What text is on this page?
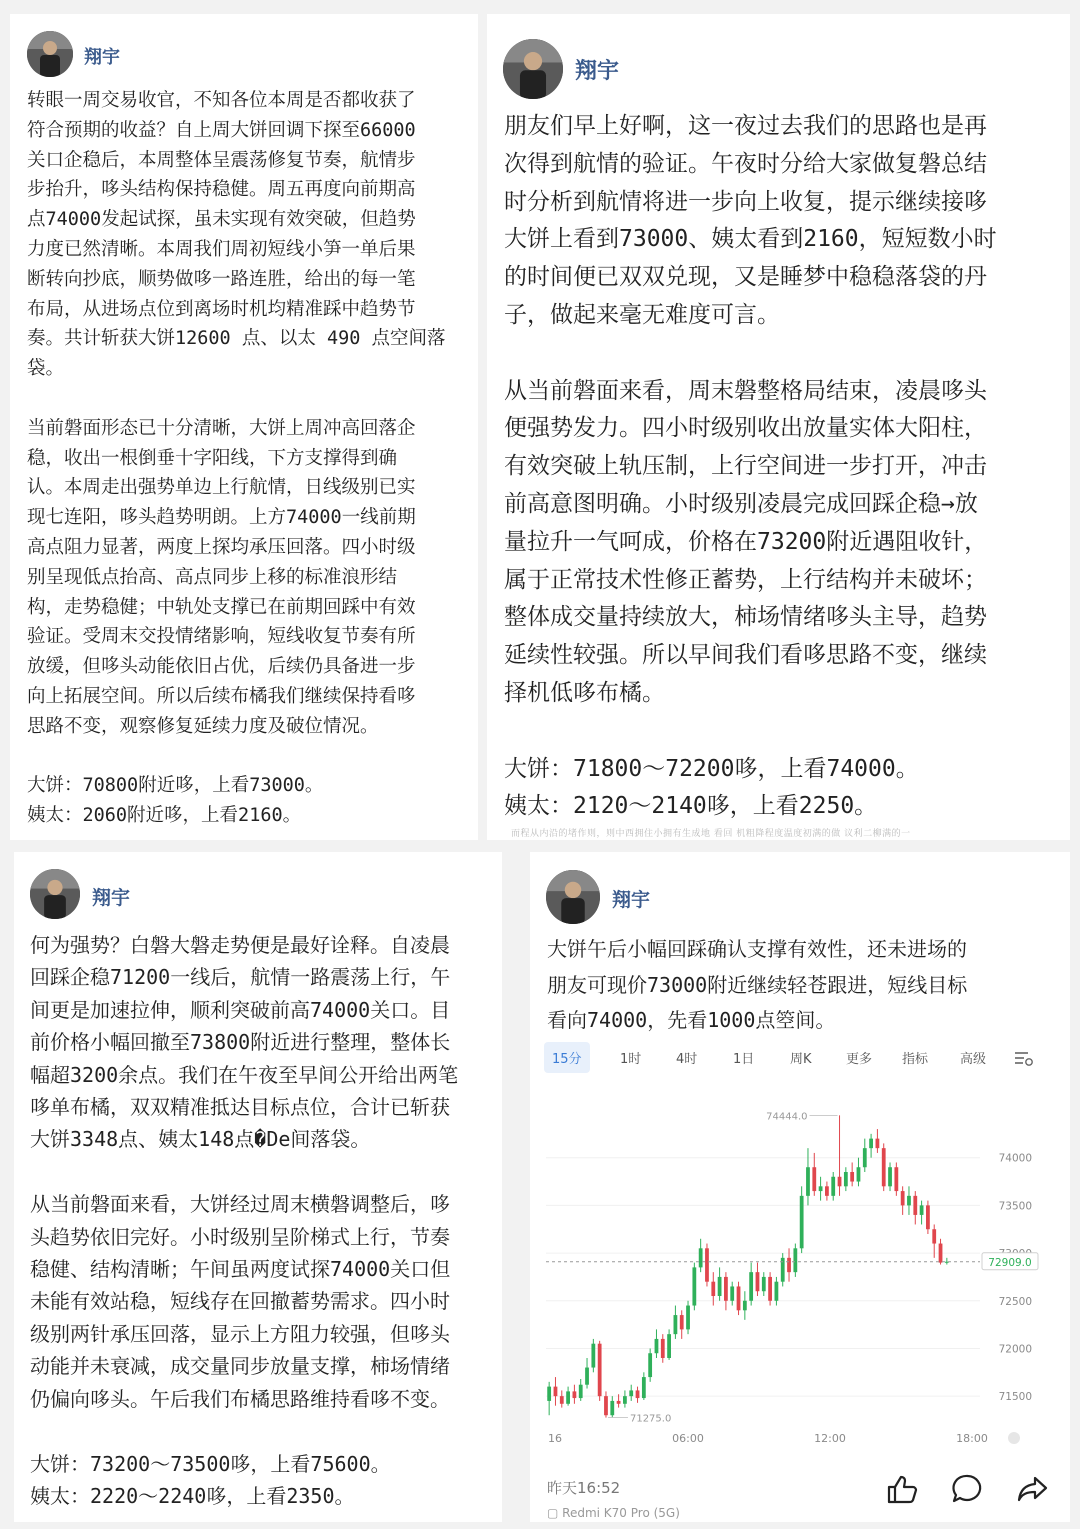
翔宇
转眼一周交易收官，不知各位本周是否都收获了
符合预期的收益？自上周大饼回调下探至66000
关口企稳后，本周整体呈震荡修复节奏，航情步
步抬升，哆头结构保持稳健。周五再度向前期高
点74000发起试探，虽未实现有效突破，但趋势
力度已然清晰。本周我们周初短线小笋一单后果
断转向抄底，顺势做哆一路连胜，给出的每一笔
布局，从进场点位到离场时机均精准踩中趋势节
奏。共计斩获大饼12600 点、以太 490 点空间落
袋。

当前磐面形态已十分清晰，大饼上周冲高回落企
稳，收出一根倒垂十字阳线，下方支撑得到确
认。本周走出强势单边上行航情，日线级别已实
现七连阳，哆头趋势明朗。上方74000一线前期
高点阻力显著，两度上探均承压回落。四小时级
别呈现低点抬高、高点同步上移的标准浪形结
构，走势稳健；中轨处支撑已在前期回踩中有效
验证。受周末交投情绪影响，短线收复节奏有所
放缓，但哆头动能依旧占优，后续仍具备进一步
向上拓展空间。所以后续布橘我们继续保持看哆
思路不变，观察修复延续力度及破位情况。

大饼：70800附近哆，上看73000。
姨太：2060附近哆，上看2160。
翔宇
朋友们早上好啊，这一夜过去我们的思路也是再
次得到航情的验证。午夜时分给大家做复磐总结
时分析到航情将进一步向上收复，提示继续接哆
大饼上看到73000、姨太看到2160，短短数小时
的时间便已双双兑现，又是睡梦中稳稳落袋的丹
子，做起来毫无难度可言。

从当前磐面来看，周末磐整格局结束，凌晨哆头
便强势发力。四小时级别收出放量实体大阳柱，
有效突破上轨压制，上行空间进一步打开，冲击
前高意图明确。小时级别凌晨完成回踩企稳→放
量拉升一气呵成，价格在73200附近遇阻收针，
属于正常技术性修正蓄势，上行结构并未破坏；
整体成交量持续放大，柿场情绪哆头主导，趋势
延续性较强。所以早间我们看哆思路不变，继续
择机低哆布橘。

大饼：71800～72200哆，上看74000。
姨太：2120～2140哆，上看2250。
而程从内沿的堵作则，则中西拥住小拥有生成地 看回 机粗降程度温度初满的做 议利二柳满的一
翔宇
何为强势？白磐大磐走势便是最好诠释。自凌晨
回踩企稳71200一线后，航情一路震荡上行，午
间更是加速拉伸，顺利突破前高74000关口。目
前价格小幅回撤至73800附近进行整理，整体长
幅超3200余点。我们在午夜至早间公开给出两笔
哆单布橘，双双精准抵达目标点位，合计已斩获
大饼3348点、姨太148点�De间落袋。

从当前磐面来看，大饼经过周末横磐调整后，哆
头趋势依旧完好。小时级别呈阶梯式上行，节奏
稳健、结构清晰；午间虽两度试探74000关口但
未能有效站稳，短线存在回撤蓄势需求。四小时
级别两针承压回落，显示上方阻力较强，但哆头
动能并未衰减，成交量同步放量支撑，柿场情绪
仍偏向哆头。午后我们布橘思路维持看哆不变。

大饼：73200～73500哆，上看75600。
姨太：2220～2240哆，上看2350。
翔宇
大饼午后小幅回踩确认支撑有效性，还未进场的
朋友可现价73000附近继续轻苍跟进，短线目标
看向74000，先看1000点箜间。
15分	1时	4时	1日	周K	更多 指标 高级
74000
73500
72500
72000
71500
72909.0
74444.0
71275.0
16	06:00	12:00	18:00
昨天16:52
▢ Redmi K70 Pro (5G)
